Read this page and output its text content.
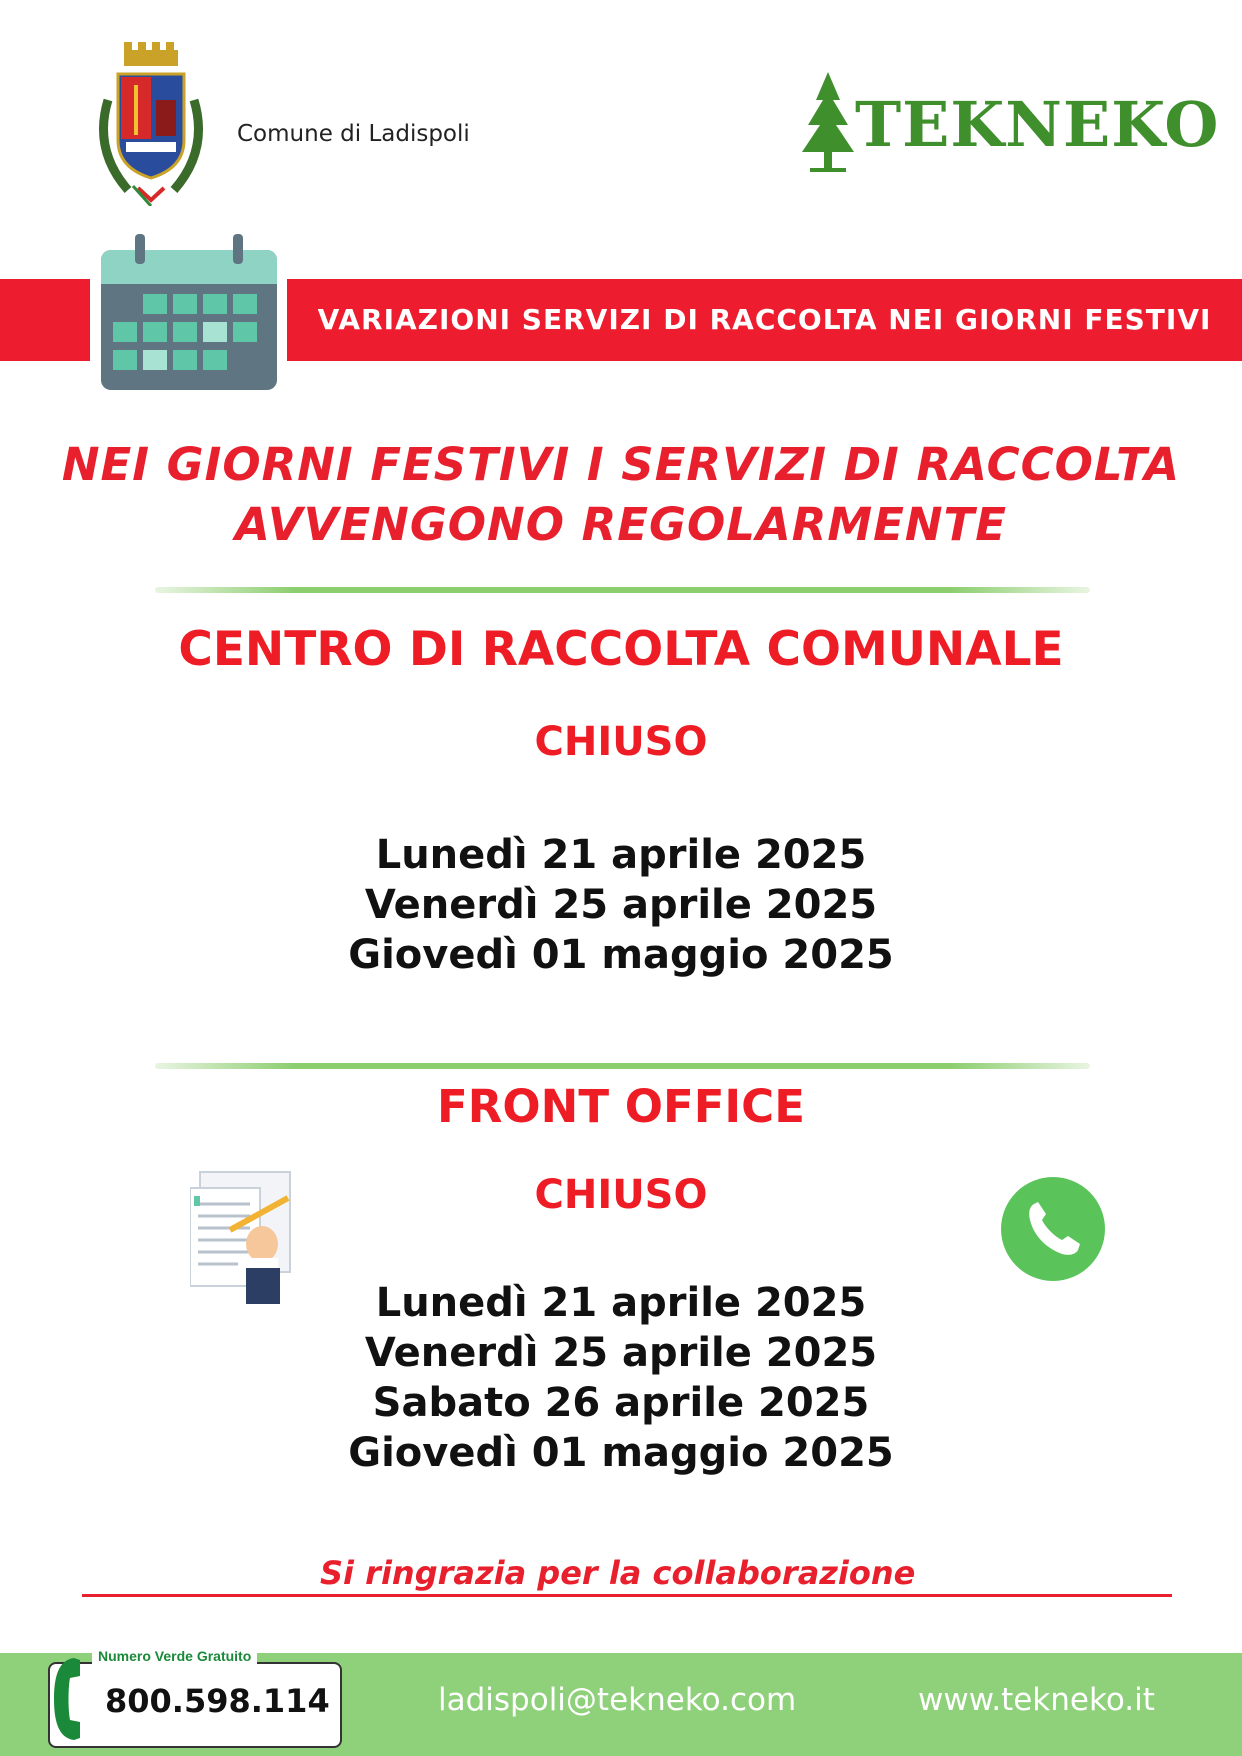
Comune di Ladispoli	TEKNEKO
VARIAZIONI SERVIZI DI RACCOLTA NEI GIORNI FESTIVI
NEI GIORNI FESTIVI I SERVIZI DI RACCOLTA
AVVENGONO REGOLARMENTE
CENTRO DI RACCOLTA COMUNALE
CHIUSO
Lunedì 21 aprile 2025
Venerdì 25 aprile 2025
Giovedì 01 maggio 2025
FRONT OFFICE
CHIUSO
Lunedì 21 aprile 2025
Venerdì 25 aprile 2025
Sabato 26 aprile 2025
Giovedì 01 maggio 2025
Si ringrazia per la collaborazione
Numero Verde Gratuito
800.598.114	ladispoli@tekneko.com	www.tekneko.it
